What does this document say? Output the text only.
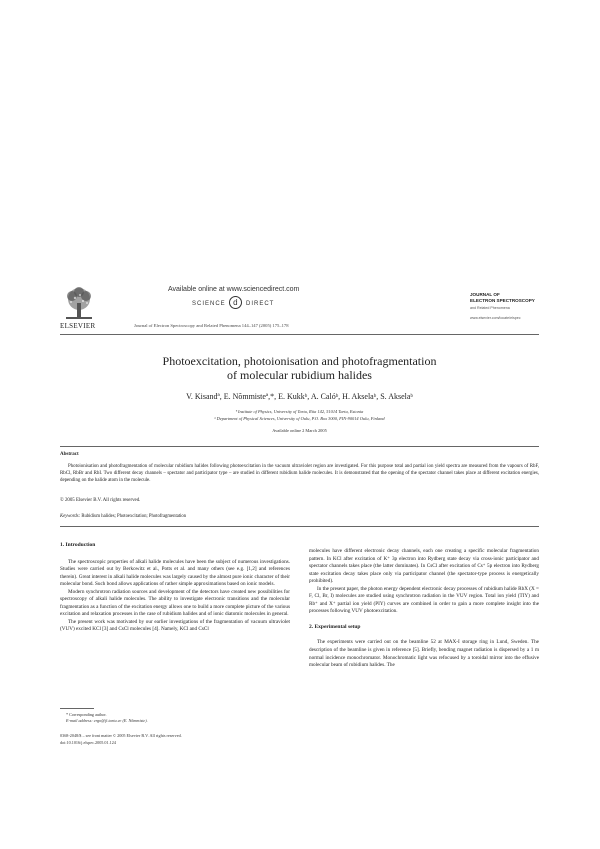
Available online at www.sciencedirect.com
SCIENCE d DIRECT
ELSEVIER	Journal of Electron Spectroscopy and Related Phenomena 144–147 (2005) 175–178
JOURNAL OF
ELECTRON SPECTROSCOPY
and Related Phenomena
www.elsevier.com/locate/elspec
Photoexcitation, photoionisation and photofragmentation
of molecular rubidium halides
V. Kisandª, E. Nõmmisteª,*, E. Kukkᵇ, A. Calóᵇ, H. Akselaᵇ, S. Akselaᵇ
ª Institute of Physics, University of Tartu, Riia 142, 51014 Tartu, Estonia
ᵇ Department of Physical Sciences, University of Oulu, P.O. Box 3000, FIN-90014 Oulu, Finland
Available online 2 March 2005
Abstract
Photoionisation and photofragmentation of molecular rubidium halides following photoexcitation in the vacuum ultraviolet region are investigated. For this purpose total and partial ion yield spectra are measured from the vapours of RbF, RbCl, RbBr and RbI. Two different decay channels – spectator and participator type – are studied in different rubidium halide molecules. It is demonstrated that the opening of the spectator channel takes place at different excitation energies, depending on the halide atom in the molecule.
© 2005 Elsevier B.V. All rights reserved.
Keywords: Rubidium halides; Photoexcitation; Photofragmentation
1. Introduction

The spectroscopic properties of alkali halide molecules have been the subject of numerous investigations. Studies were carried out by Berkowitz et al., Potts et al. and many others (see e.g. [1,2] and references therein). Great interest in alkali halide molecules was largely caused by the almost pure ionic character of their molecular bond. Such bond allows applications of rather simple approximations based on ionic models.

Modern synchrotron radiation sources and development of the detectors have created new possibilities for spectroscopy of alkali halide molecules. The ability to investigate electronic transitions and the molecular fragmentation as a function of the excitation energy allows one to build a more complete picture of the various excitation and relaxation processes in the case of rubidium halides and of ionic diatomic molecules in general.

The present work was motivated by our earlier investigations of the fragmentation of vacuum ultraviolet (VUV) excited KCl [3] and CsCl molecules [4]. Namely, KCl and CsCl

molecules have different electronic decay channels, each one creating a specific molecular fragmentation pattern. In KCl after excitation of K⁺ 3p electron into Rydberg state decay via cross-ionic participator and spectator channels takes place (the latter dominates). In CsCl after excitation of Cs⁺ 5p electron into Rydberg state excitation decay takes place only via participator channel (the spectator-type process is energetically prohibited).

In the present paper, the photon energy dependent electronic decay processes of rubidium halide RbX (X = F, Cl, Br, I) molecules are studied using synchrotron radiation in the VUV region. Total ion yield (TIY) and Rb⁺ and X⁺ partial ion yield (PIY) curves are combined in order to gain a more complete insight into the processes following VUV photoexcitation.

2. Experimental setup

The experiments were carried out on the beamline 52 at MAX-I storage ring in Lund, Sweden. The description of the beamline is given in reference [5]. Briefly, bending magnet radiation is dispersed by a 1 m normal incidence monochromator. Monochromatic light was refocused by a toroidal mirror into the effusive molecular beam of rubidium halides. The

* Corresponding author.
E-mail address: ergo@fi.tartu.ee (E. Nõmmiste).
0368-2048/$ – see front matter © 2005 Elsevier B.V. All rights reserved.
doi:10.1016/j.elspec.2005.01.124
